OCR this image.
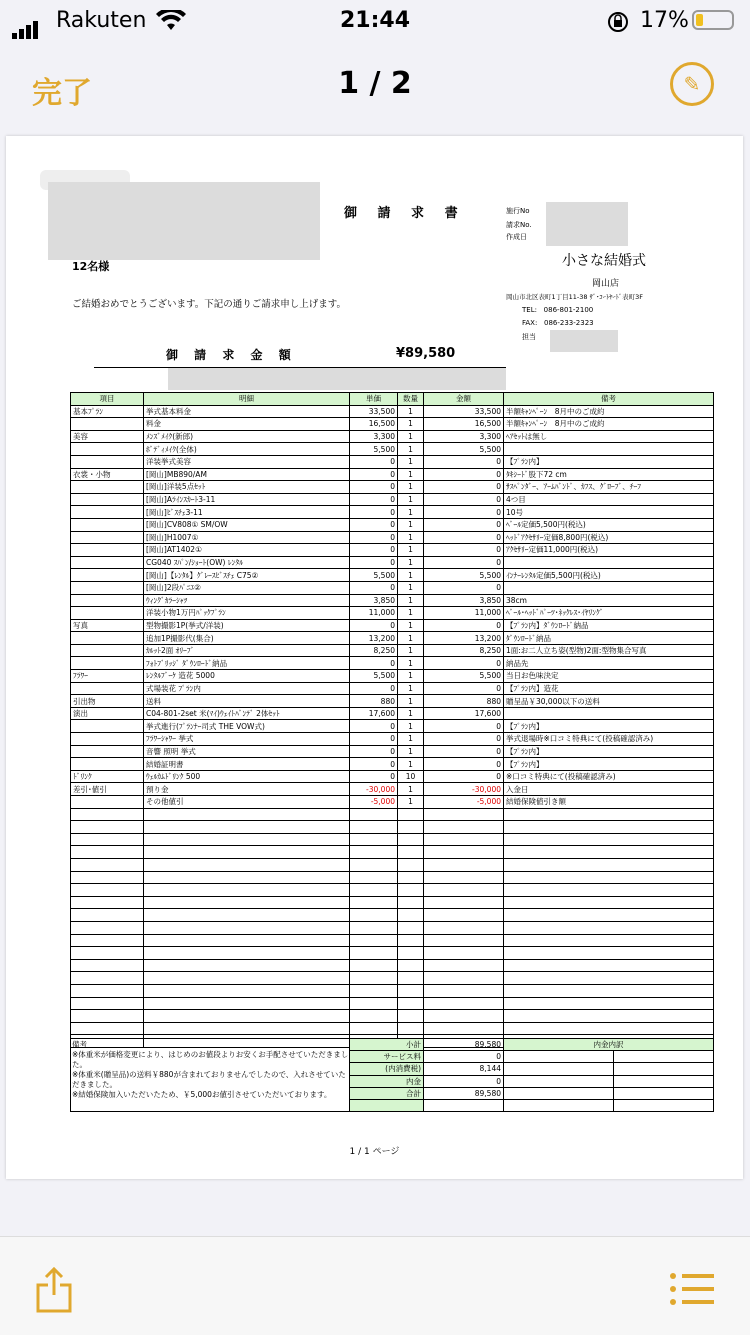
Rakuten	21:44	17%
完了	1 / 2	✎
御 請 求 書
12名様
ご結婚おめでとうございます。下記の通りご請求申し上げます。
施行No
請求No.
作成日
小さな結婚式
岡山店
岡山市北区表町1丁目11-38 ｻﾞ･ｺｰﾄﾔｰﾄﾞ表町3F
TEL: 086-801-2100
FAX: 086-233-2323
担当
御 請 求 金 額	¥89,580
項目	明細	単価	数量	金額	備考
基本ﾌﾟﾗﾝ	挙式基本料金	33,500	1	33,500	半額ｷｬﾝﾍﾟｰﾝ　8月中のご成約
	料金	16,500	1	16,500	半額ｷｬﾝﾍﾟｰﾝ　8月中のご成約
美容	ﾒﾝｽﾞﾒｲｸ(新郎)	3,300	1	3,300	ﾍｱｾｯﾄは無し
	ﾎﾞﾃﾞｨﾒｲｸ(全体)	5,500	1	5,500	
	洋装挙式美容	0	1	0	【ﾌﾟﾗﾝ内】
衣裳・小物	[岡山]MB890/AM	0	1	0	ﾀｷｼｰﾄﾞ股下72 cm
	[岡山]洋装5点ｾｯﾄ	0	1	0	ｻｽﾍﾟﾝﾀﾞｰ、ｱｰﾑﾊﾞﾝﾄﾞ、ｶﾌｽ、ｸﾞﾛｰﾌﾞ、ﾁｰﾌ
	[岡山]Aﾗｲﾝｽｶｰﾄ3-11	0	1	0	4つ目
	[岡山]ﾋﾞｽﾁｪ3-11	0	1	0	10号
	[岡山]CV808① SM/OW	0	1	0	ﾍﾞｰﾙ定価5,500円(税込)
	[岡山]H1007①	0	1	0	ﾍｯﾄﾞｱｸｾｻﾘｰ定価8,800円(税込)
	[岡山]AT1402①	0	1	0	ｱｸｾｻﾘｰ定価11,000円(税込)
	CG040 ｽﾊﾟﾝ/ｼｮｰﾄ(OW) ﾚﾝﾀﾙ	0	1	0	
	[岡山]【ﾚﾝﾀﾙ】ｸﾞﾚｰｽﾋﾞｽﾁｪ C75②	5,500	1	5,500	ｲﾝﾅｰﾚﾝﾀﾙ定価5,500円(税込)
	[岡山]2段ﾊﾟﾆｴ②	0	1	0	
	ｳｨﾝｸﾞｶﾗｰｼｬﾂ	3,850	1	3,850	38cm
	洋装小物1万円ﾊﾟｯｸﾌﾟﾗﾝ	11,000	1	11,000	ﾍﾞｰﾙ･ﾍｯﾄﾞﾊﾟｰﾂ･ﾈｯｸﾚｽ･ｲﾔﾘﾝｸﾞ
写真	型物撮影1P(挙式/洋装)	0	1	0	【ﾌﾟﾗﾝ内】ﾀﾞｳﾝﾛｰﾄﾞ納品
	追加1P撮影代(集合)	13,200	1	13,200	ﾀﾞｳﾝﾛｰﾄﾞ納品
	ｶﾙｯﾄ2面 ｵﾘｰﾌﾞ	8,250	1	8,250	1面:お二人立ち姿(型物)2面:型物集合写真
	ﾌｫﾄﾌﾞﾘｯｼﾞ ﾀﾞｳﾝﾛｰﾄﾞ納品	0	1	0	納品先
ﾌﾗﾜｰ	ﾚﾝﾀﾙﾌﾞｰｹ 造花 5000	5,500	1	5,500	当日お色味決定
	式場装花 ﾌﾟﾗﾝ内	0	1	0	【ﾌﾟﾗﾝ内】造花
引出物	送料	880	1	880	贈呈品￥30,000以下の送料
演出	C04-801-2set 米(ﾏｲ)ｳｪｲﾄﾊﾞﾝﾃﾞ 2体ｾｯﾄ	17,600	1	17,600	
	挙式進行(ﾌﾟﾗﾝﾅｰ司式 THE VOW式)	0	1	0	【ﾌﾟﾗﾝ内】
	ﾌﾗﾜｰｼｬﾜｰ 挙式	0	1	0	挙式退場時※口コミ特典にて(投稿確認済み)
	音響 照明 挙式	0	1	0	【ﾌﾟﾗﾝ内】
	結婚証明書	0	1	0	【ﾌﾟﾗﾝ内】
ﾄﾞﾘﾝｸ	ｳｪﾙｶﾑﾄﾞﾘﾝｸ 500	0	10	0	※口コミ特典にて(投稿確認済み)
差引･値引	預り金	-30,000	1	-30,000	入金日
	その他値引	-5,000	1	-5,000	結婚保険値引き額

	小計	89,580	内金内訳	
	サービス料	0		
	(内消費税)	8,144		
	内金	0		
	合計	89,580		

備考
※体重米が価格変更により、はじめのお値段よりお安くお手配させていただきました。
※体重米(贈呈品)の送料￥880が含まれておりませんでしたので、入れさせていただきました。
※結婚保険加入いただいたため、￥5,000お値引させていただいております。
1 / 1 ページ
